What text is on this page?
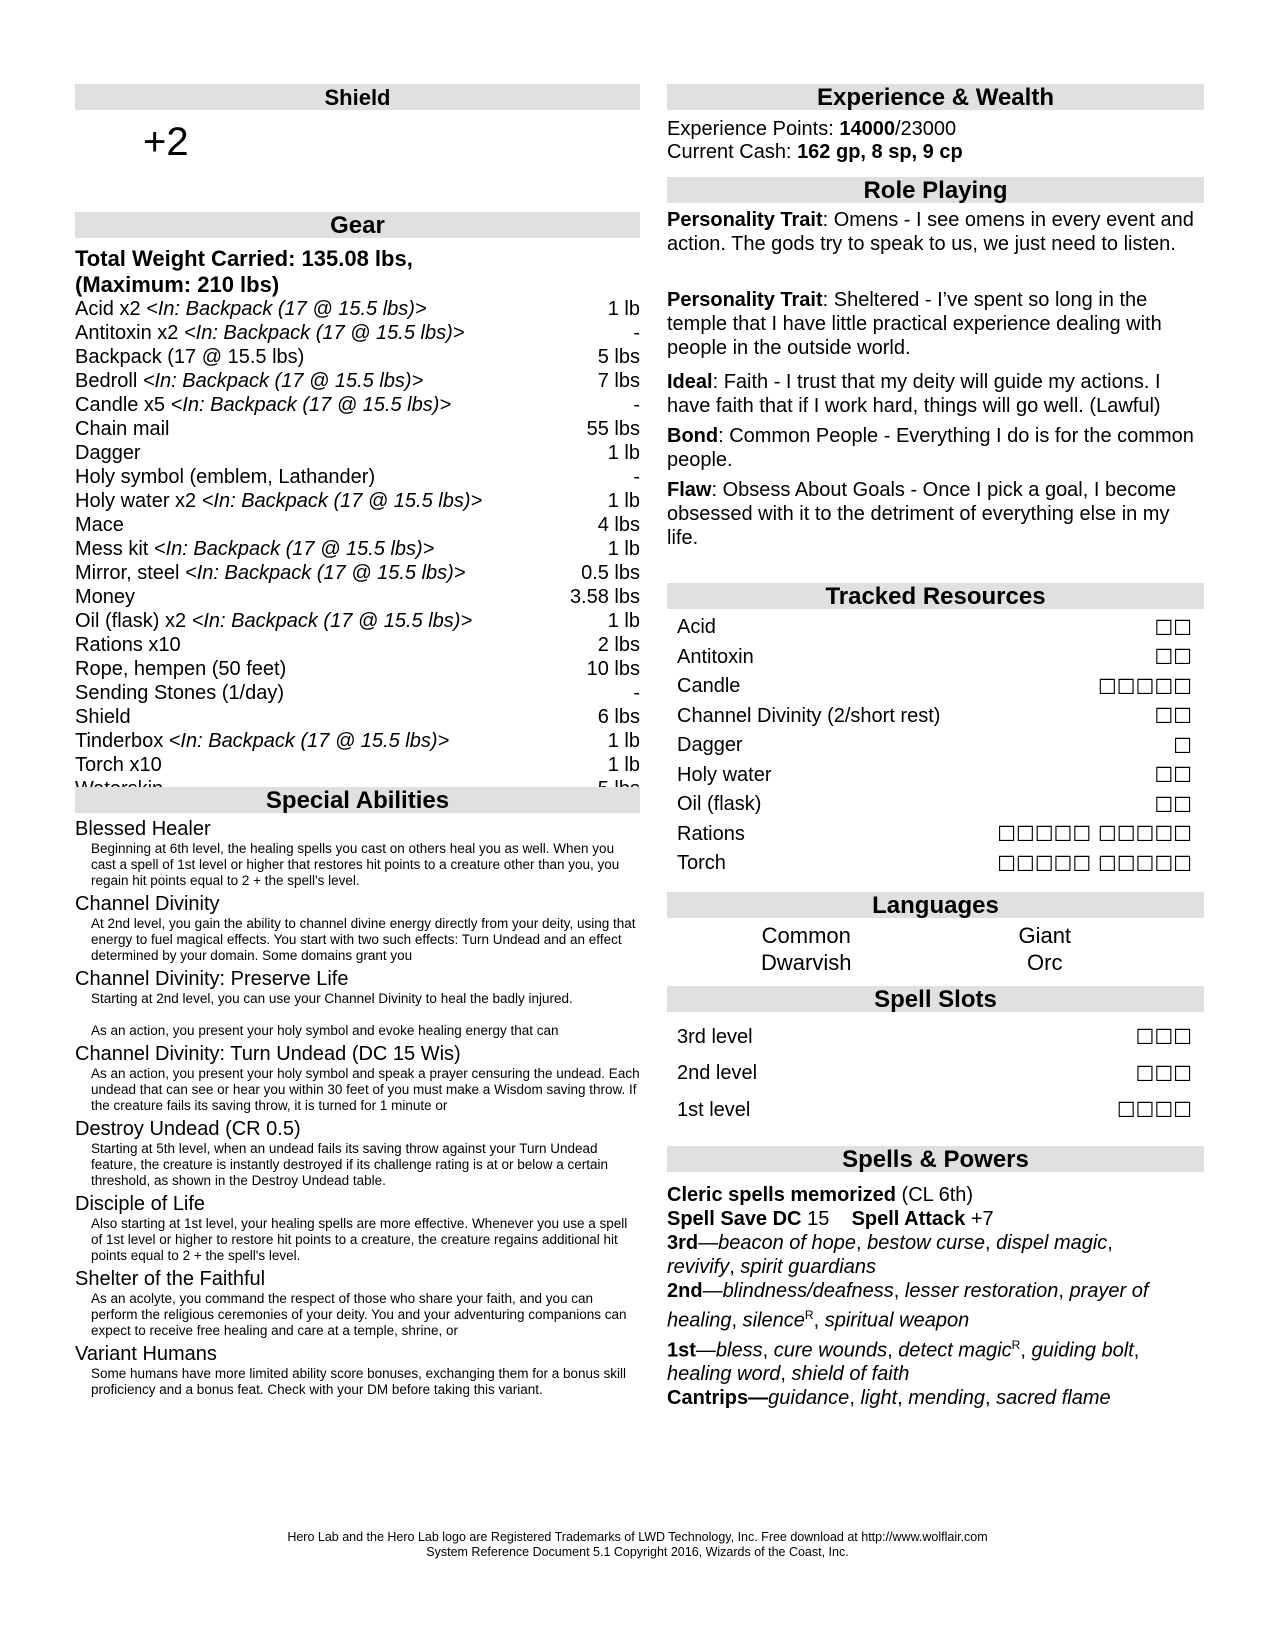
Shield
+2
Gear
Total Weight Carried: 135.08 lbs,
(Maximum: 210 lbs)
Acid x2 <In: Backpack (17 @ 15.5 lbs)>	1 lb
Antitoxin x2 <In: Backpack (17 @ 15.5 lbs)>	-
Backpack (17 @ 15.5 lbs)	5 lbs
Bedroll <In: Backpack (17 @ 15.5 lbs)>	7 lbs
Candle x5 <In: Backpack (17 @ 15.5 lbs)>	-
Chain mail	55 lbs
Dagger	1 lb
Holy symbol (emblem, Lathander)	-
Holy water x2 <In: Backpack (17 @ 15.5 lbs)>	1 lb
Mace	4 lbs
Mess kit <In: Backpack (17 @ 15.5 lbs)>	1 lb
Mirror, steel <In: Backpack (17 @ 15.5 lbs)>	0.5 lbs
Money	3.58 lbs
Oil (flask) x2 <In: Backpack (17 @ 15.5 lbs)>	1 lb
Rations x10	2 lbs
Rope, hempen (50 feet)	10 lbs
Sending Stones (1/day)	-
Shield	6 lbs
Tinderbox <In: Backpack (17 @ 15.5 lbs)>	1 lb
Torch x10	1 lb
Special Abilities
Blessed Healer
Beginning at 6th level, the healing spells you cast on others heal you as well. When you cast a spell of 1st level or higher that restores hit points to a creature other than you, you regain hit points equal to 2 + the spell's level.
Channel Divinity
At 2nd level, you gain the ability to channel divine energy directly from your deity, using that energy to fuel magical effects. You start with two such effects: Turn Undead and an effect determined by your domain. Some domains grant you
Channel Divinity: Preserve Life
Starting at 2nd level, you can use your Channel Divinity to heal the badly injured.

As an action, you present your holy symbol and evoke healing energy that can
Channel Divinity: Turn Undead (DC 15 Wis)
As an action, you present your holy symbol and speak a prayer censuring the undead. Each undead that can see or hear you within 30 feet of you must make a Wisdom saving throw. If the creature fails its saving throw, it is turned for 1 minute or
Destroy Undead (CR 0.5)
Starting at 5th level, when an undead fails its saving throw against your Turn Undead feature, the creature is instantly destroyed if its challenge rating is at or below a certain threshold, as shown in the Destroy Undead table.
Disciple of Life
Also starting at 1st level, your healing spells are more effective. Whenever you use a spell of 1st level or higher to restore hit points to a creature, the creature regains additional hit points equal to 2 + the spell's level.
Shelter of the Faithful
As an acolyte, you command the respect of those who share your faith, and you can perform the religious ceremonies of your deity. You and your adventuring companions can expect to receive free healing and care at a temple, shrine, or
Variant Humans
Some humans have more limited ability score bonuses, exchanging them for a bonus skill proficiency and a bonus feat. Check with your DM before taking this variant.
Experience & Wealth
Experience Points: 14000/23000
Current Cash: 162 gp, 8 sp, 9 cp
Role Playing
Personality Trait: Omens - I see omens in every event and action. The gods try to speak to us, we just need to listen.
Personality Trait: Sheltered - I’ve spent so long in the temple that I have little practical experience dealing with people in the outside world.
Ideal: Faith - I trust that my deity will guide my actions. I have faith that if I work hard, things will go well. (Lawful)
Bond: Common People - Everything I do is for the common people.
Flaw: Obsess About Goals - Once I pick a goal, I become obsessed with it to the detriment of everything else in my life.
Tracked Resources
Acid	☐☐
Antitoxin	☐☐
Candle	☐☐☐☐☐
Channel Divinity (2/short rest)	☐☐
Dagger	☐
Holy water	☐☐
Oil (flask)	☐☐
Rations	☐☐☐☐☐ ☐☐☐☐☐
Torch	☐☐☐☐☐ ☐☐☐☐☐
Languages
Common	Giant
Dwarvish	Orc
Spell Slots
3rd level	☐☐☐
2nd level	☐☐☐
1st level	☐☐☐☐
Spells & Powers
Cleric spells memorized (CL 6th)
Spell Save DC 15 Spell Attack +7
3rd—beacon of hope, bestow curse, dispel magic,
revivify, spirit guardians
2nd—blindness/deafness, lesser restoration, prayer of
healing, silence$^R$, spiritual weapon
1st—bless, cure wounds, detect magic$^R$, guiding bolt,
healing word, shield of faith
Cantrips—guidance, light, mending, sacred flame
Hero Lab and the Hero Lab logo are Registered Trademarks of LWD Technology, Inc. Free download at http://www.wolflair.com
System Reference Document 5.1 Copyright 2016, Wizards of the Coast, Inc.
